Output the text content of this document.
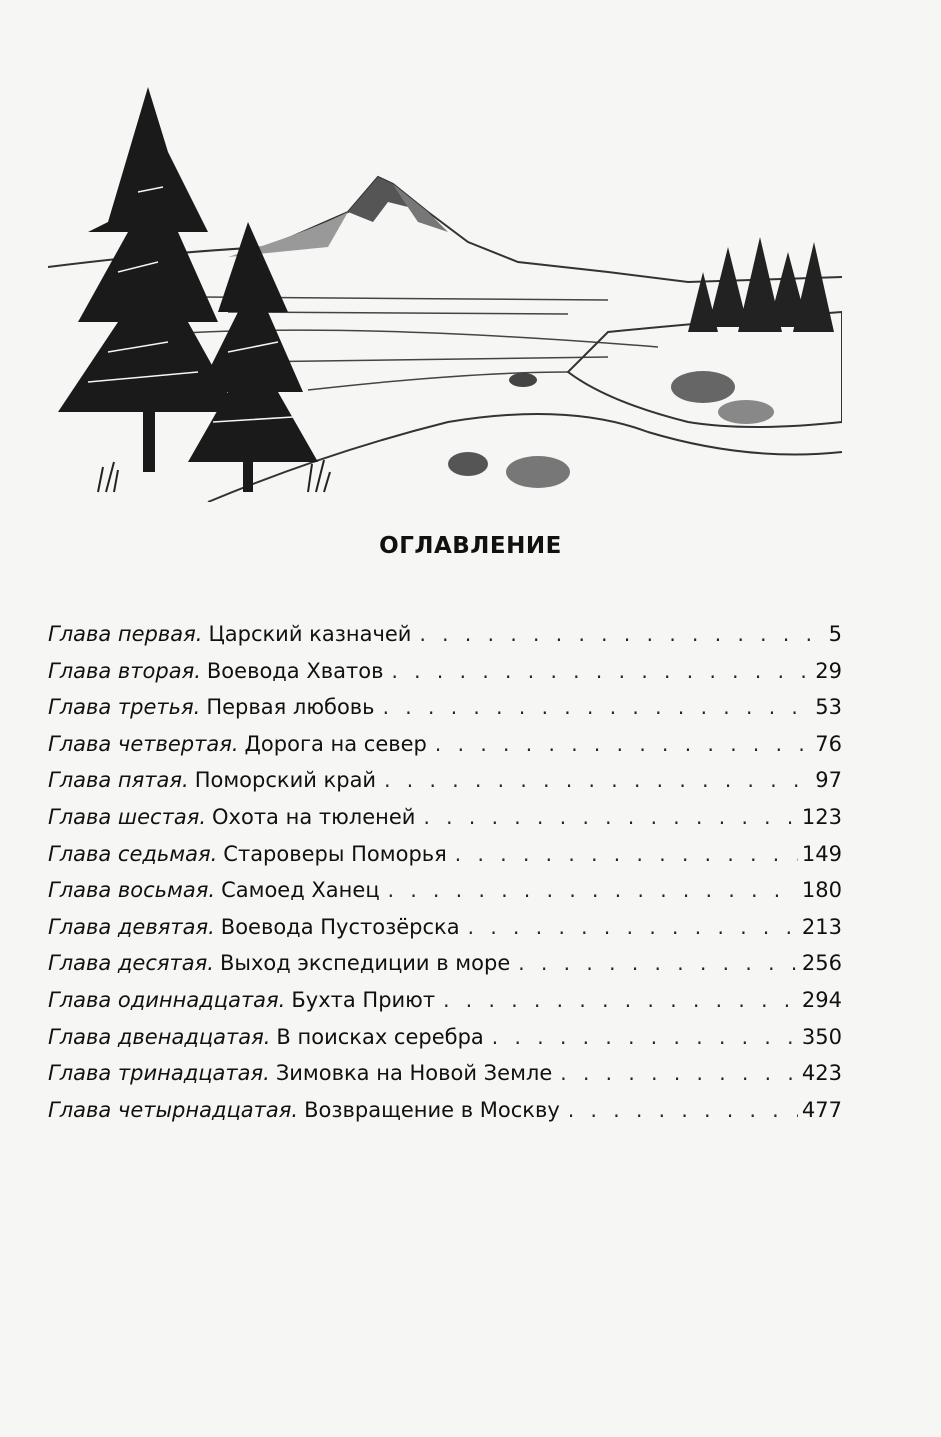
ОГЛАВЛЕНИЕ
Глава первая. Царский казначей . . .	5
Глава вторая. Воевода Хватов . . .	29
Глава третья. Первая любовь . . .	53
Глава четвертая. Дорога на север . . .	76
Глава пятая. Поморский край . . .	97
Глава шестая. Охота на тюленей . . .	123
Глава седьмая. Староверы Поморья . . .	149
Глава восьмая. Самоед Ханец . . .	180
Глава девятая. Воевода Пустозёрска . . .	213
Глава десятая. Выход экспедиции в море . . .	256
Глава одиннадцатая. Бухта Приют . . .	294
Глава двенадцатая. В поисках серебра . . .	350
Глава тринадцатая. Зимовка на Новой Земле . . .	423
Глава четырнадцатая. Возвращение в Москву . . .	477
